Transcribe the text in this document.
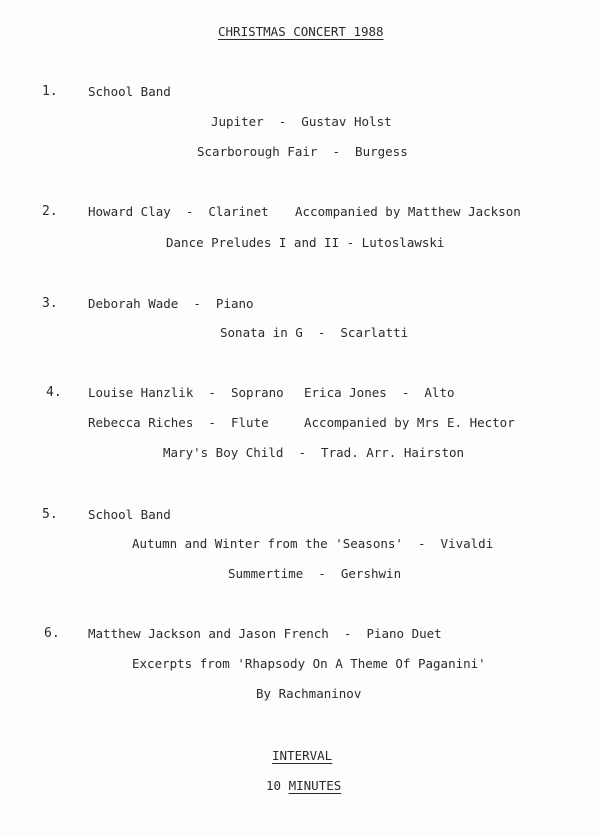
CHRISTMAS CONCERT 1988
1. School Band
Jupiter  -  Gustav Holst
Scarborough Fair  -  Burgess
2. Howard Clay  -  Clarinet Accompanied by Matthew Jackson
Dance Preludes I and II - Lutoslawski
3. Deborah Wade  -  Piano
Sonata in G  -  Scarlatti
4. Louise Hanzlik  -  Soprano Erica Jones  -  Alto
Rebecca Riches  -  Flute	Accompanied by Mrs E. Hector
Mary's Boy Child  -  Trad. Arr. Hairston
5. School Band
Autumn and Winter from the 'Seasons'  -  Vivaldi
Summertime  -  Gershwin
6. Matthew Jackson and Jason French  -  Piano Duet
Excerpts from 'Rhapsody On A Theme Of Paganini'
By Rachmaninov
INTERVAL
10 MINUTES
